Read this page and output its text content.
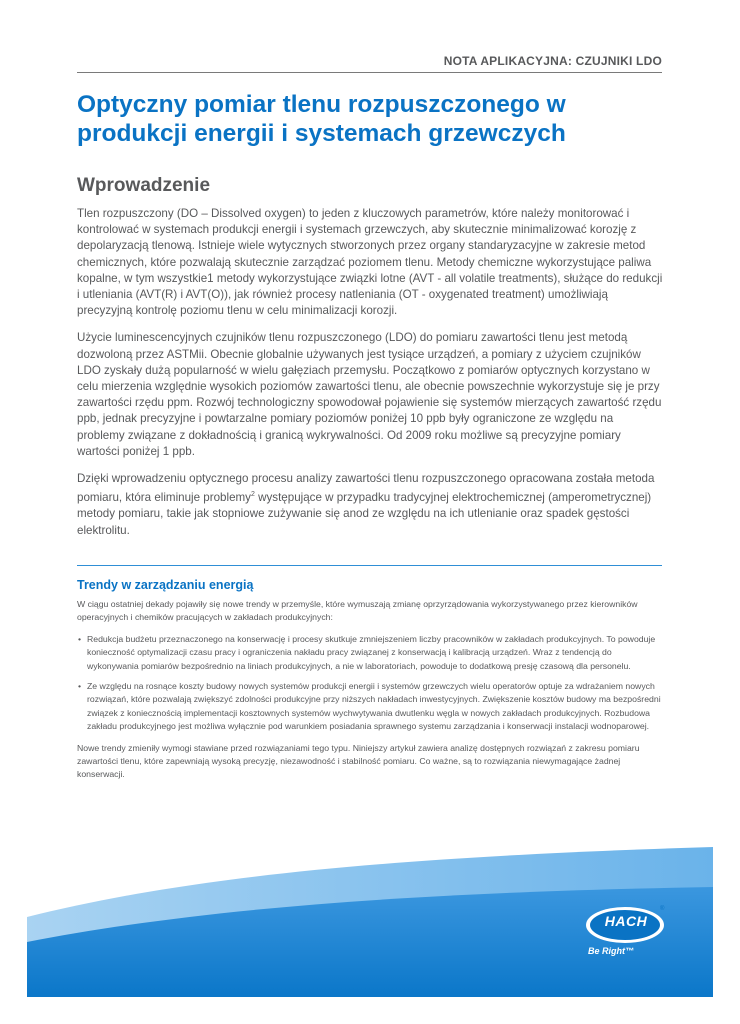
NOTA APLIKACYJNA: CZUJNIKI LDO
Optyczny pomiar tlenu rozpuszczonego w produkcji energii i systemach grzewczych
Wprowadzenie

Tlen rozpuszczony (DO – Dissolved oxygen) to jeden z kluczowych parametrów, które należy monitorować i kontrolować w systemach produkcji energii i systemach grzewczych, aby skutecznie minimalizować korozję z depolaryzacją tlenową. Istnieje wiele wytycznych stworzonych przez organy standaryzacyjne w zakresie metod chemicznych, które pozwalają skutecznie zarządzać poziomem tlenu. Metody chemiczne wykorzystujące paliwa kopalne, w tym wszystkie1 metody wykorzystujące związki lotne (AVT - all volatile treatments), służące do redukcji i utleniania (AVT(R) i AVT(O)), jak również procesy natleniania (OT - oxygenated treatment) umożliwiają precyzyjną kontrolę poziomu tlenu w celu minimalizacji korozji.

Użycie luminescencyjnych czujników tlenu rozpuszczonego (LDO) do pomiaru zawartości tlenu jest metodą dozwoloną przez ASTMii. Obecnie globalnie używanych jest tysiące urządzeń, a pomiary z użyciem czujników LDO zyskały dużą popularność w wielu gałęziach przemysłu. Początkowo z pomiarów optycznych korzystano w celu mierzenia względnie wysokich poziomów zawartości tlenu, ale obecnie powszechnie wykorzystuje się je przy zawartości rzędu ppm. Rozwój technologiczny spowodował pojawienie się systemów mierzących zawartość rzędu ppb, jednak precyzyjne i powtarzalne pomiary poziomów poniżej 10 ppb były ograniczone ze względu na problemy związane z dokładnością i granicą wykrywalności. Od 2009 roku możliwe są precyzyjne pomiary wartości poniżej 1 ppb.

Dzięki wprowadzeniu optycznego procesu analizy zawartości tlenu rozpuszczonego opracowana została metoda pomiaru, która eliminuje problemy$^2$ występujące w przypadku tradycyjnej elektrochemicznej (amperometrycznej) metody pomiaru, takie jak stopniowe zużywanie się anod ze względu na ich utlenianie oraz spadek gęstości elektrolitu.

Trendy w zarządzaniu energią

W ciągu ostatniej dekady pojawiły się nowe trendy w przemyśle, które wymuszają zmianę oprzyrządowania wykorzystywanego przez kierowników operacyjnych i chemików pracujących w zakładach produkcyjnych:

• Redukcja budżetu przeznaczonego na konserwację i procesy skutkuje zmniejszeniem liczby pracowników w zakładach produkcyjnych. To powoduje konieczność optymalizacji czasu pracy i ograniczenia nakładu pracy związanej z konserwacją i kalibracją urządzeń. Wraz z tendencją do wykonywania pomiarów bezpośrednio na liniach produkcyjnych, a nie w laboratoriach, powoduje to dodatkową presję czasową dla personelu.
• Ze względu na rosnące koszty budowy nowych systemów produkcji energii i systemów grzewczych wielu operatorów optuje za wdrażaniem nowych rozwiązań, które pozwalają zwiększyć zdolności produkcyjne przy niższych nakładach inwestycyjnych. Zwiększenie kosztów budowy ma bezpośredni związek z koniecznością implementacji kosztownych systemów wychwytywania dwutlenku węgla w nowych zakładach produkcyjnych. Rozbudowa zakładu produkcyjnego jest możliwa wyłącznie pod warunkiem posiadania sprawnego systemu zarządzania i konserwacji instalacji wodnoparowej.

Nowe trendy zmieniły wymogi stawiane przed rozwiązaniami tego typu. Niniejszy artykuł zawiera analizę dostępnych rozwiązań z zakresu pomiaru zawartości tlenu, które zapewniają wysoką precyzję, niezawodność i stabilność pomiaru. Co ważne, są to rozwiązania niewymagające żadnej konserwacji.

HACH
®
Be Right™
